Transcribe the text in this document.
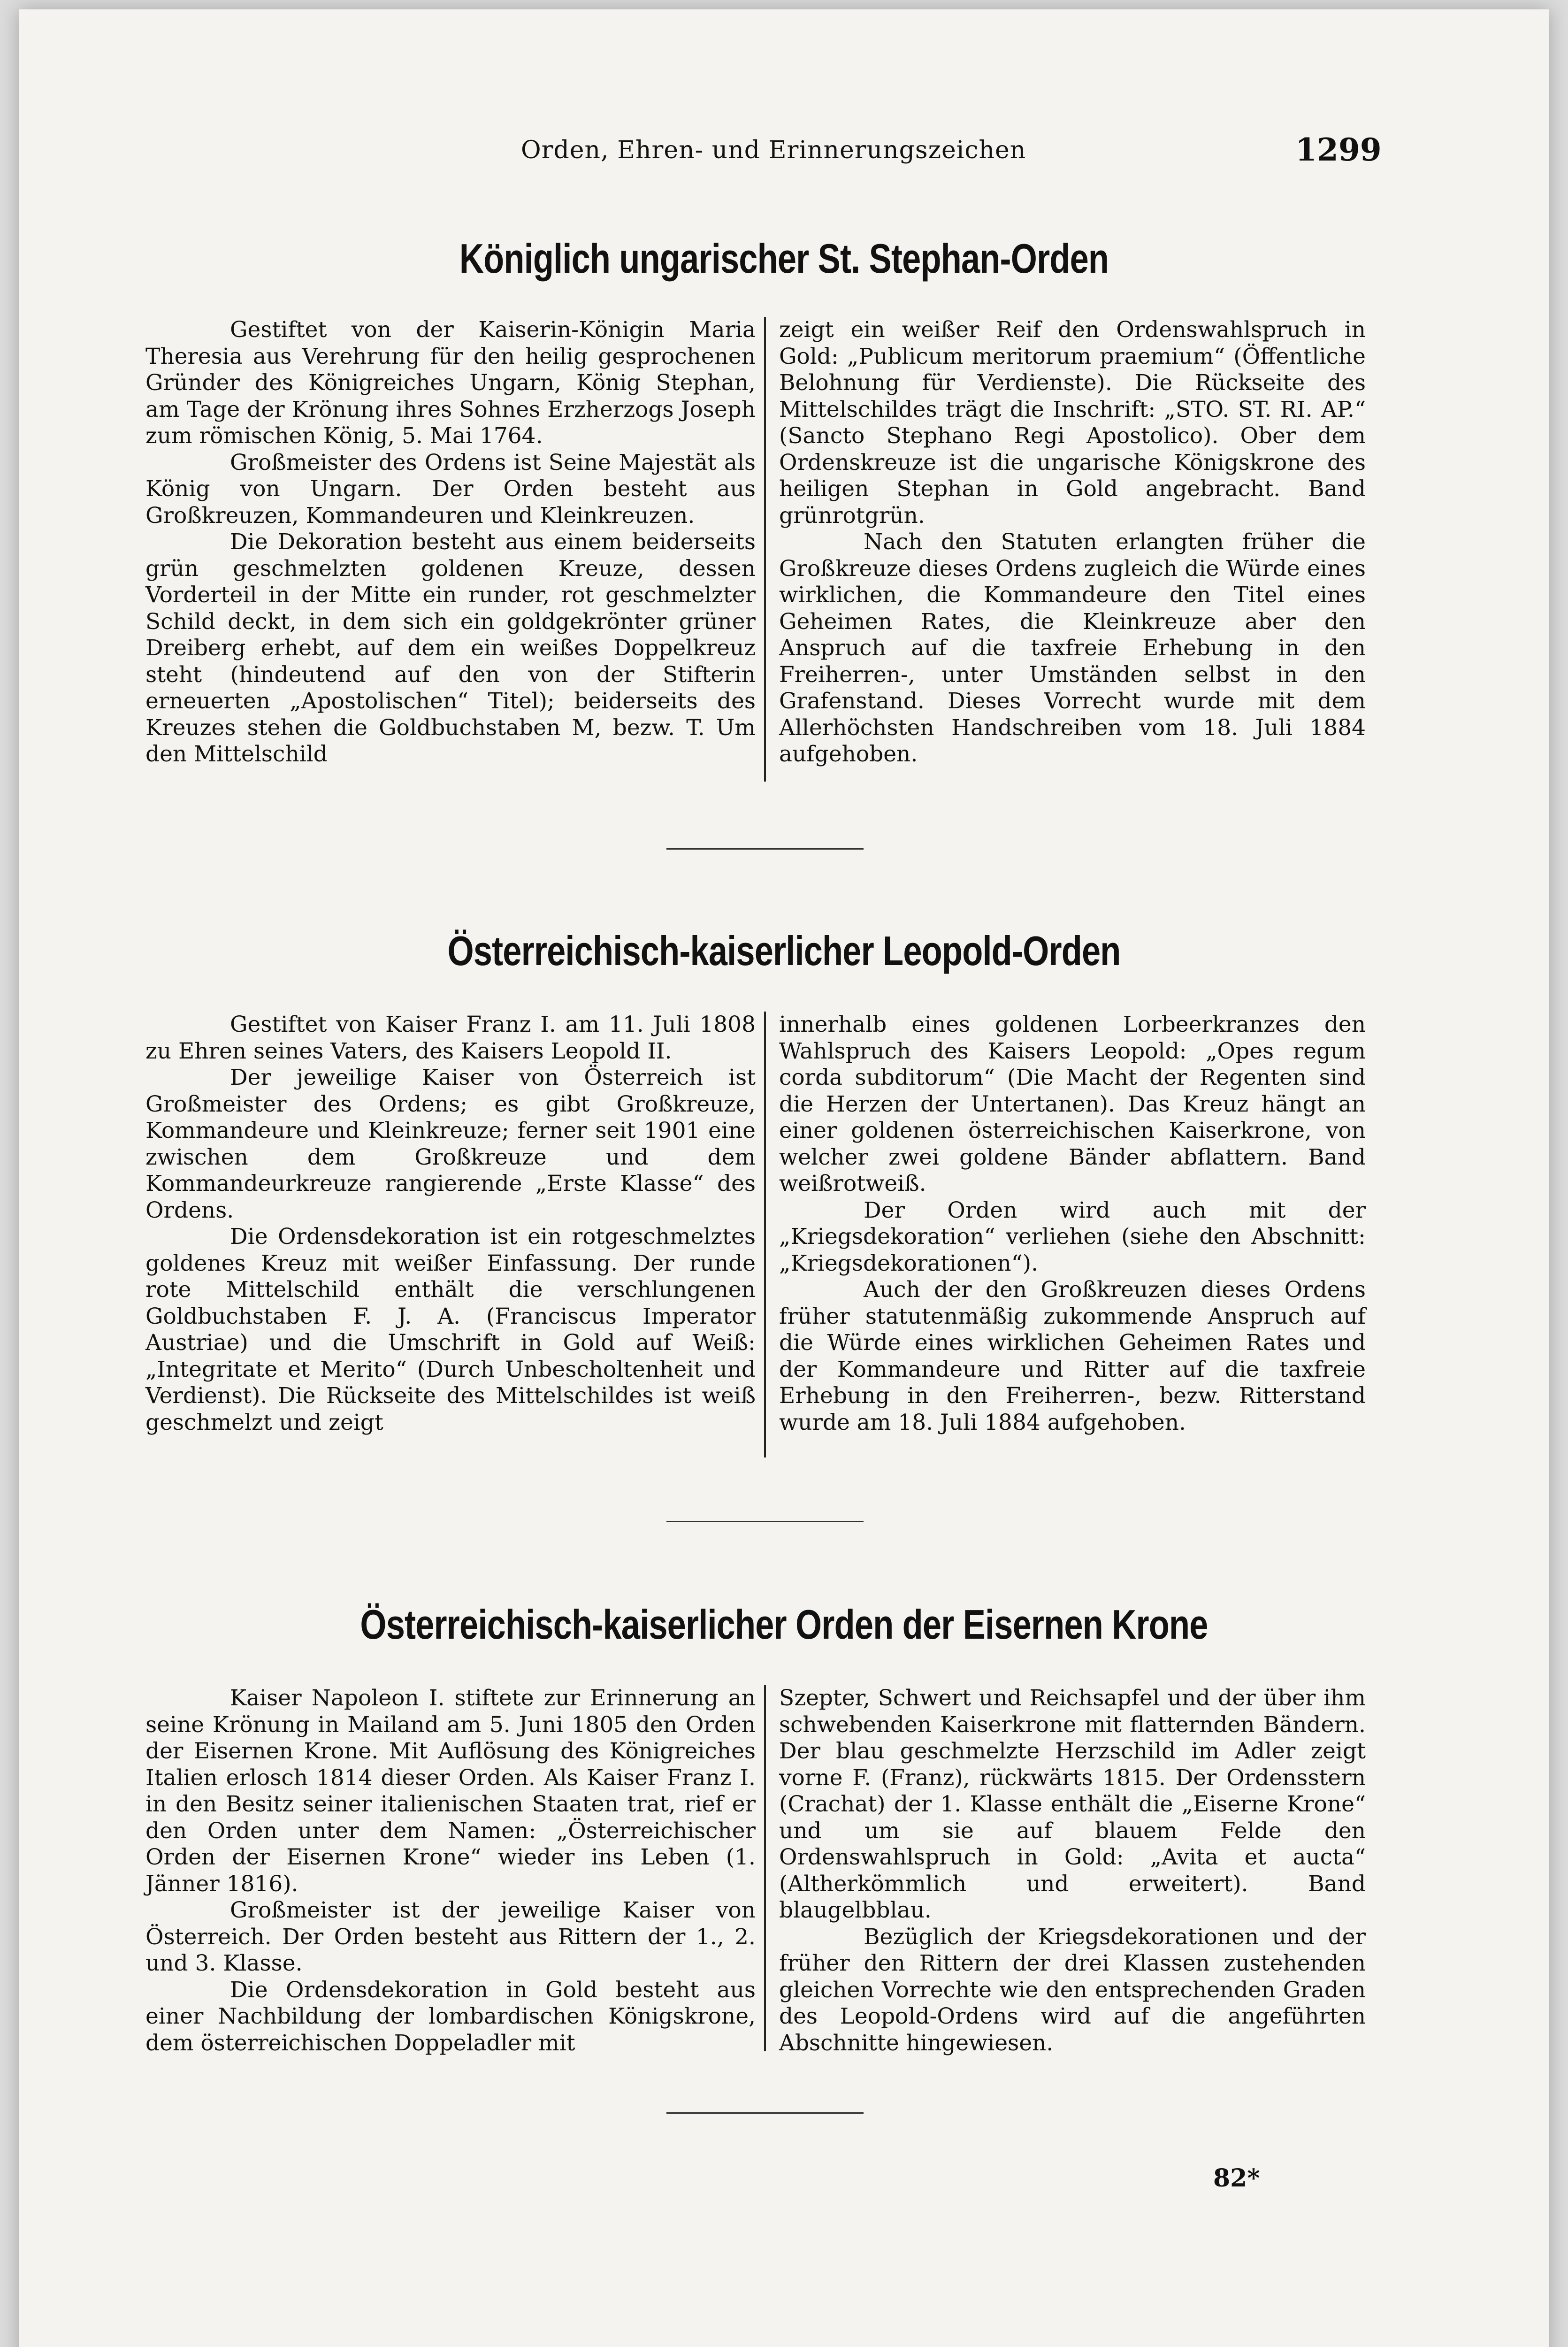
Orden, Ehren- und Erinnerungszeichen	1299
Königlich ungarischer St. Stephan-Orden

Gestiftet von der Kaiserin-Königin Maria Theresia aus Verehrung für den heilig gesprochenen Gründer des Königreiches Ungarn, König Stephan, am Tage der Krönung ihres Sohnes Erzherzogs Joseph zum römischen König, 5. Mai 1764.

Großmeister des Ordens ist Seine Majestät als König von Ungarn. Der Orden besteht aus Großkreuzen, Kommandeuren und Kleinkreuzen.

Die Dekoration besteht aus einem beiderseits grün geschmelzten goldenen Kreuze, dessen Vorderteil in der Mitte ein runder, rot geschmelzter Schild deckt, in dem sich ein goldgekrönter grüner Dreiberg erhebt, auf dem ein weißes Doppelkreuz steht (hindeutend auf den von der Stifterin erneuerten „Apostolischen“ Titel); beiderseits des Kreuzes stehen die Goldbuchstaben M, bezw. T. Um den Mittelschild

zeigt ein weißer Reif den Ordenswahlspruch in Gold: „Publicum meritorum praemium“ (Öffentliche Belohnung für Verdienste). Die Rückseite des Mittelschildes trägt die Inschrift: „STO. ST. RI. AP.“ (Sancto Stephano Regi Apostolico). Ober dem Ordenskreuze ist die ungarische Königskrone des heiligen Stephan in Gold angebracht. Band grünrotgrün.

Nach den Statuten erlangten früher die Großkreuze dieses Ordens zugleich die Würde eines wirklichen, die Kommandeure den Titel eines Geheimen Rates, die Kleinkreuze aber den Anspruch auf die taxfreie Erhebung in den Freiherren-, unter Umständen selbst in den Grafenstand. Dieses Vorrecht wurde mit dem Allerhöchsten Handschreiben vom 18. Juli 1884 aufgehoben.

Österreichisch-kaiserlicher Leopold-Orden

Gestiftet von Kaiser Franz I. am 11. Juli 1808 zu Ehren seines Vaters, des Kaisers Leopold II.

Der jeweilige Kaiser von Österreich ist Großmeister des Ordens; es gibt Großkreuze, Kommandeure und Kleinkreuze; ferner seit 1901 eine zwischen dem Großkreuze und dem Kommandeurkreuze rangierende „Erste Klasse“ des Ordens.

Die Ordensdekoration ist ein rotgeschmelztes goldenes Kreuz mit weißer Einfassung. Der runde rote Mittelschild enthält die verschlungenen Goldbuchstaben F. J. A. (Franciscus Imperator Austriae) und die Umschrift in Gold auf Weiß: „Integritate et Merito“ (Durch Unbescholtenheit und Verdienst). Die Rückseite des Mittelschildes ist weiß geschmelzt und zeigt

innerhalb eines goldenen Lorbeerkranzes den Wahlspruch des Kaisers Leopold: „Opes regum corda subditorum“ (Die Macht der Regenten sind die Herzen der Untertanen). Das Kreuz hängt an einer goldenen österreichischen Kaiserkrone, von welcher zwei goldene Bänder abflattern. Band weißrotweiß.

Der Orden wird auch mit der „Kriegsdekoration“ verliehen (siehe den Abschnitt: „Kriegsdekorationen“).

Auch der den Großkreuzen dieses Ordens früher statutenmäßig zukommende Anspruch auf die Würde eines wirklichen Geheimen Rates und der Kommandeure und Ritter auf die taxfreie Erhebung in den Freiherren-, bezw. Ritterstand wurde am 18. Juli 1884 aufgehoben.

Österreichisch-kaiserlicher Orden der Eisernen Krone

Kaiser Napoleon I. stiftete zur Erinnerung an seine Krönung in Mailand am 5. Juni 1805 den Orden der Eisernen Krone. Mit Auflösung des Königreiches Italien erlosch 1814 dieser Orden. Als Kaiser Franz I. in den Besitz seiner italienischen Staaten trat, rief er den Orden unter dem Namen: „Österreichischer Orden der Eisernen Krone“ wieder ins Leben (1. Jänner 1816).

Großmeister ist der jeweilige Kaiser von Österreich. Der Orden besteht aus Rittern der 1., 2. und 3. Klasse.

Die Ordensdekoration in Gold besteht aus einer Nachbildung der lombardischen Königskrone, dem österreichischen Doppeladler mit

Szepter, Schwert und Reichsapfel und der über ihm schwebenden Kaiserkrone mit flatternden Bändern. Der blau geschmelzte Herzschild im Adler zeigt vorne F. (Franz), rückwärts 1815. Der Ordensstern (Crachat) der 1. Klasse enthält die „Eiserne Krone“ und um sie auf blauem Felde den Ordenswahlspruch in Gold: „Avita et aucta“ (Altherkömmlich und erweitert). Band blaugelbblau.

Bezüglich der Kriegsdekorationen und der früher den Rittern der drei Klassen zustehenden gleichen Vorrechte wie den entsprechenden Graden des Leopold-Ordens wird auf die angeführten Abschnitte hingewiesen.

82*
